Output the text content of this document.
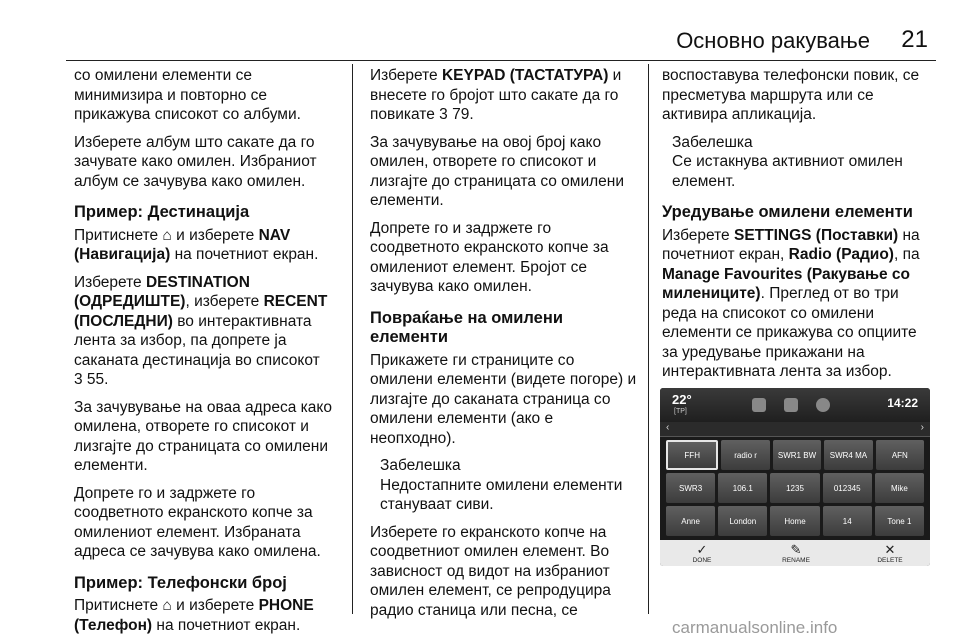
Основно ракување 21

со омилени елементи се минимизира и повторно се прикажува списокот со албуми.

Изберете албум што сакате да го зачувате како омилен. Избраниот албум се зачувува како омилен.

Пример: Дестинација

Притиснете ⌂ и изберете NAV (Навигација) на почетниот екран.

Изберете DESTINATION (ОДРЕДИШТЕ), изберете RECENT (ПОСЛЕДНИ) во интерактивната лента за избор, па допрете ја саканата дестинација во списокот
3 55.

За зачувување на оваа адреса како омилена, отворете го списокот и лизгајте до страницата со омилени елементи.

Допрете го и задржете го соодветното екранското копче за омилениот елемент. Избраната адреса се зачувува како омилена.

Пример: Телефонски број

Притиснете ⌂ и изберете PHONE (Телефон) на почетниот екран.

Изберете KEYPAD (ТАСТАТУРА) и внесете го бројот што сакате да го повикате 3 79.

За зачувување на овој број како омилен, отворете го списокот и лизгајте до страницата со омилени елементи.

Допрете го и задржете го соодветното екранското копче за омилениот елемент. Бројот се зачувува како омилен.

Повраќање на омилени елементи

Прикажете ги страниците со омилени елементи (видете погоре) и лизгајте до саканата страница со омилени елементи (ако е неопходно).

Забелешка

Недостапните омилени елементи стануваат сиви.

Изберете го екранското копче на соодветниот омилен елемент. Во зависност од видот на избраниот омилен елемент, се репродуцира радио станица или песна, се

воспоставува телефонски повик, се пресметува маршрута или се активира апликација.

Забелешка

Се истакнува активниот омилен елемент.

Уредување омилени елементи

Изберете SETTINGS (Поставки) на почетниот екран, Radio (Радио), па Manage Favourites (Ракување со милениците). Преглед от во три реда на списокот со омилени елементи се прикажува со опциите за уредување прикажани на интерактивната лента за избор.

22°
[TP]
14:22
‹	›
FFH	radio r	SWR1 BW	SWR4 MA	AFN
SWR3	106.1	1235	012345	Mike
Anne	London	Home	14	Tone 1
✓
DONE
✎
RENAME
✕
DELETE
carmanualsonline.info
